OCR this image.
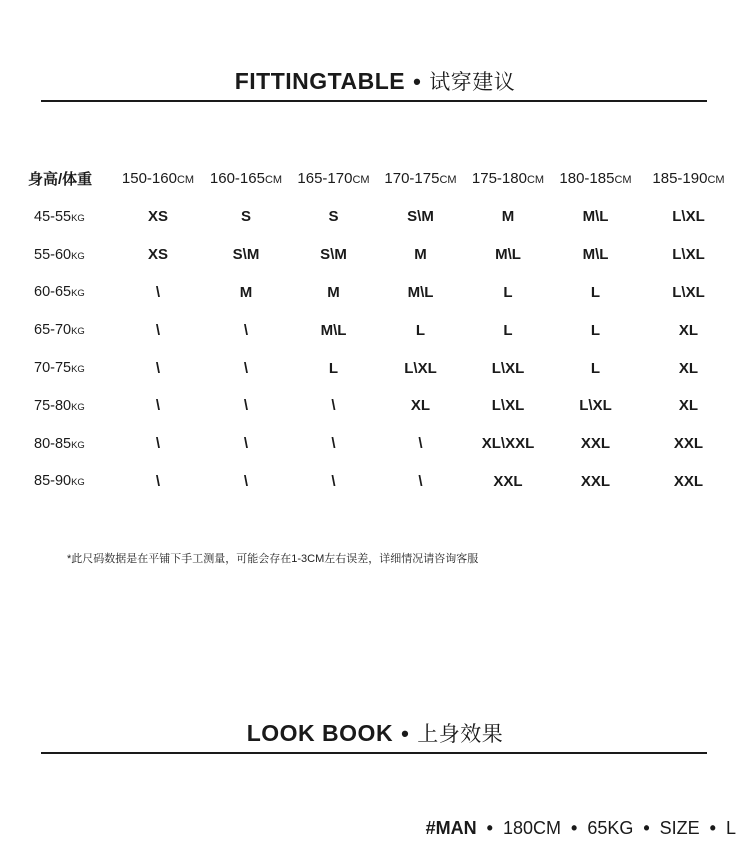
FITTINGTABLE • 试穿建议
身高/体重	150-160CM	160-165CM	165-170CM	170-175CM	175-180CM	180-185CM	185-190CM
45-55KG	XS	S	S	S\M	M	M\L	L\XL
55-60KG	XS	S\M	S\M	M	M\L	M\L	L\XL
60-65KG	\	M	M	M\L	L	L	L\XL
65-70KG	\	\	M\L	L	L	L	XL
70-75KG	\	\	L	L\XL	L\XL	L	XL
75-80KG	\	\	\	XL	L\XL	L\XL	XL
80-85KG	\	\	\	\	XL\XXL	XXL	XXL
85-90KG	\	\	\	\	XXL	XXL	XXL
*此尺码数据是在平铺下手工测量，可能会存在1-3CM左右误差，详细情况请咨询客服
LOOK BOOK • 上身效果
#MAN • 180CM • 65KG • SIZE • L
